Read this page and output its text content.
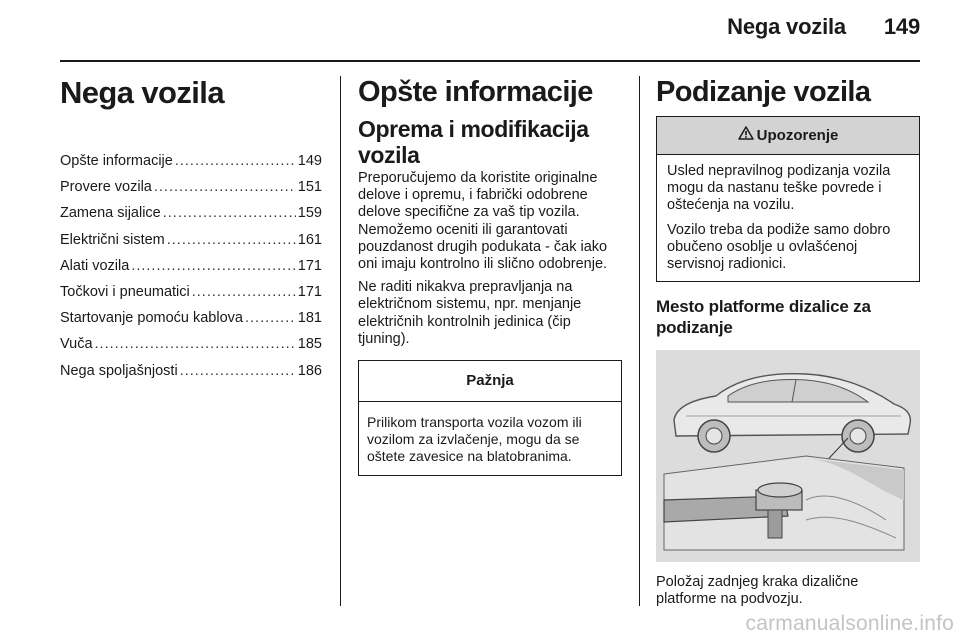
Nega vozila 149
Nega vozila
Opšte informacije .....	149
Provere vozila .....	151
Zamena sijalice .....	159
Električni sistem .....	161
Alati vozila .....	171
Točkovi i pneumatici .....	171
Startovanje pomoću kablova .....	181
Vuča .....	185
Nega spoljašnjosti .....	186
Opšte informacije
Oprema i modifikacija vozila

Preporučujemo da koristite originalne delove i opremu, i fabrički odobrene delove specifične za vaš tip vozila. Nemožemo oceniti ili garantovati pouzdanost drugih podukata - čak iako oni imaju kontrolno ili slično odobrenje.

Ne raditi nikakva prepravljanja na električnom sistemu, npr. menjanje električnih kontrolnih jedinica (čip tjuning).

Pažnja
Prilikom transporta vozila vozom ili vozilom za izvlačenje, mogu da se oštete zavesice na blatobranima.
Podizanje vozila
Upozorenje

Usled nepravilnog podizanja vozila mogu da nastanu teške povrede i oštećenja na vozilu.

Vozilo treba da podiže samo dobro obučeno osoblje u ovlašćenoj servisnoj radionici.

Mesto platforme dizalice za podizanje

Položaj zadnjeg kraka dizalične platforme na podvozju.

carmanualsonline.info
